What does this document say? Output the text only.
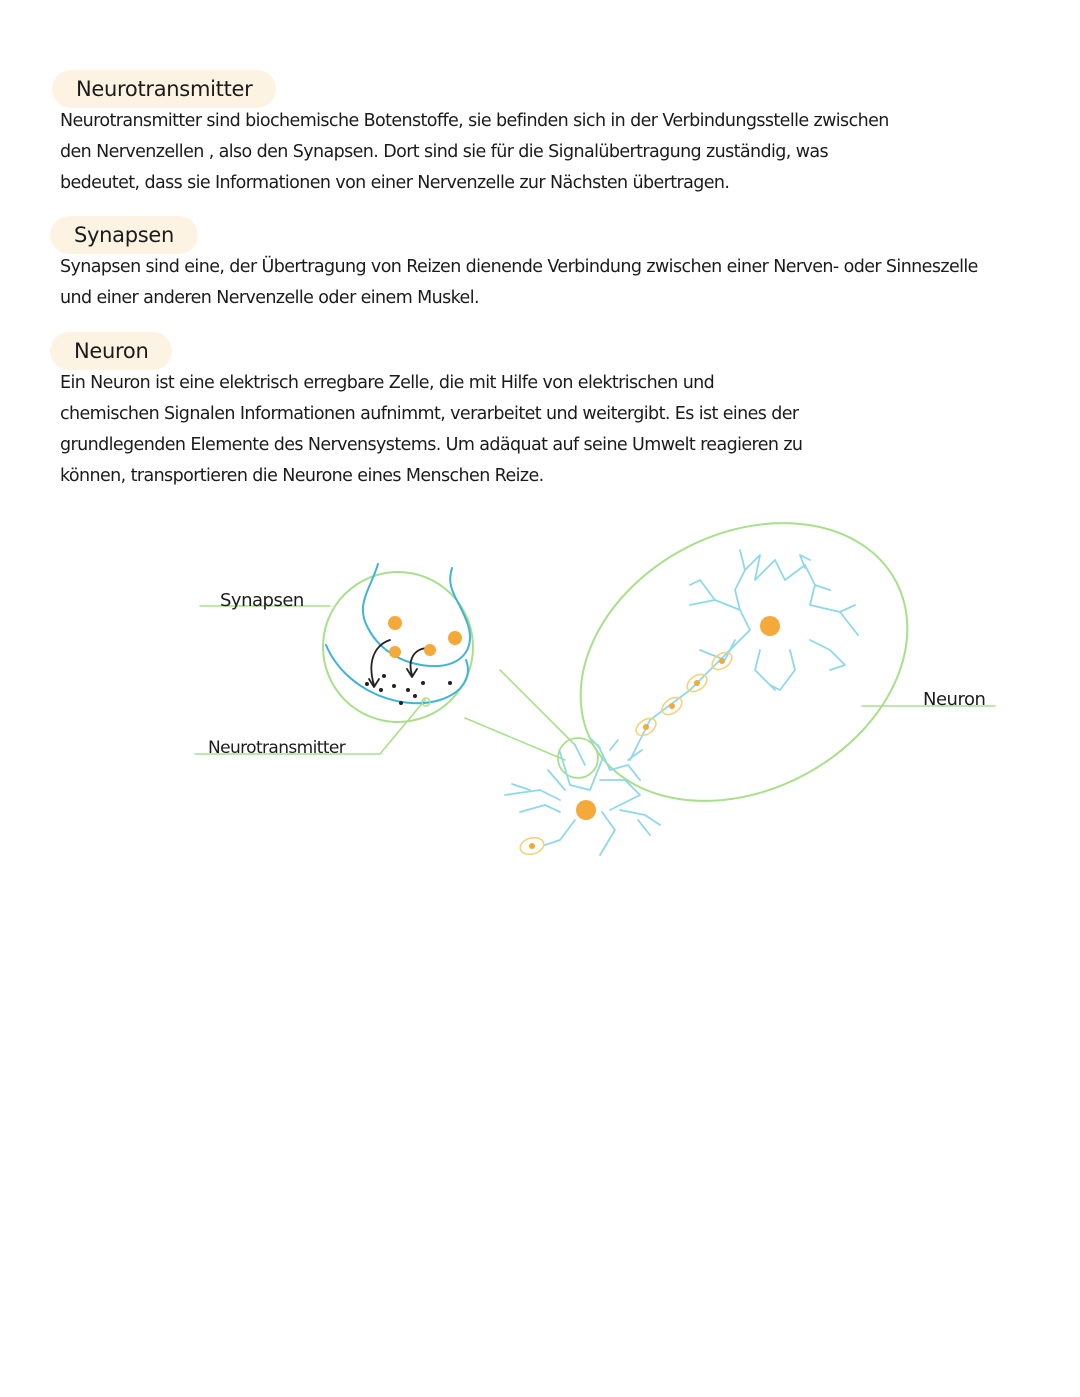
Neurotransmitter
Neurotransmitter sind biochemische Botenstoffe, sie befinden sich in der Verbindungsstelle zwischen
den Nervenzellen , also den Synapsen. Dort sind sie für die Signalübertragung zuständig, was
bedeutet, dass sie Informationen von einer Nervenzelle zur Nächsten übertragen.
Synapsen
Synapsen sind eine, der Übertragung von Reizen dienende Verbindung zwischen einer Nerven- oder Sinneszelle
und einer anderen Nervenzelle oder einem Muskel.
Neuron
Ein Neuron ist eine elektrisch erregbare Zelle, die mit Hilfe von elektrischen und
chemischen Signalen Informationen aufnimmt, verarbeitet und weitergibt. Es ist eines der
grundlegenden Elemente des Nervensystems. Um adäquat auf seine Umwelt reagieren zu
können, transportieren die Neurone eines Menschen Reize.
Synapsen
Neurotransmitter
Neuron
